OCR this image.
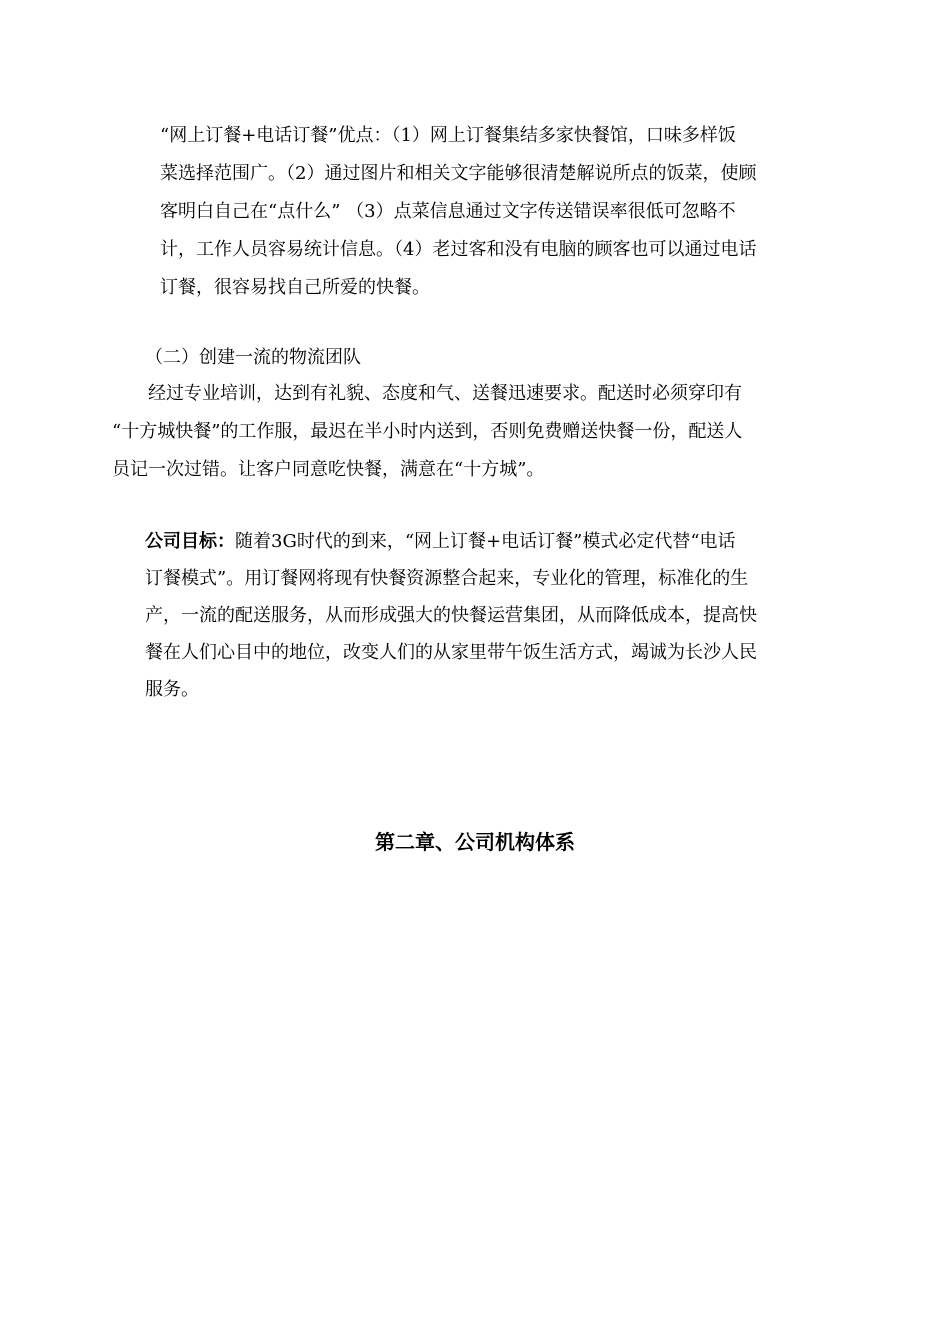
“网上订餐+电话订餐”优点：（1）网上订餐集结多家快餐馆，口味多样饭
菜选择范围广。（2）通过图片和相关文字能够很清楚解说所点的饭菜，使顾
客明白自己在“点什么” （3）点菜信息通过文字传送错误率很低可忽略不
计，工作人员容易统计信息。（4）老过客和没有电脑的顾客也可以通过电话
订餐，很容易找自己所爱的快餐。
（二）创建一流的物流团队
经过专业培训，达到有礼貌、态度和气、送餐迅速要求。配送时必须穿印有
“十方城快餐”的工作服，最迟在半小时内送到，否则免费赠送快餐一份，配送人
员记一次过错。让客户同意吃快餐，满意在“十方城”。
公司目标：随着3G时代的到来，“网上订餐+电话订餐”模式必定代替“电话
订餐模式”。用订餐网将现有快餐资源整合起来，专业化的管理，标准化的生
产，一流的配送服务，从而形成强大的快餐运营集团，从而降低成本，提高快
餐在人们心目中的地位，改变人们的从家里带午饭生活方式，竭诚为长沙人民
服务。
第二章、公司机构体系
